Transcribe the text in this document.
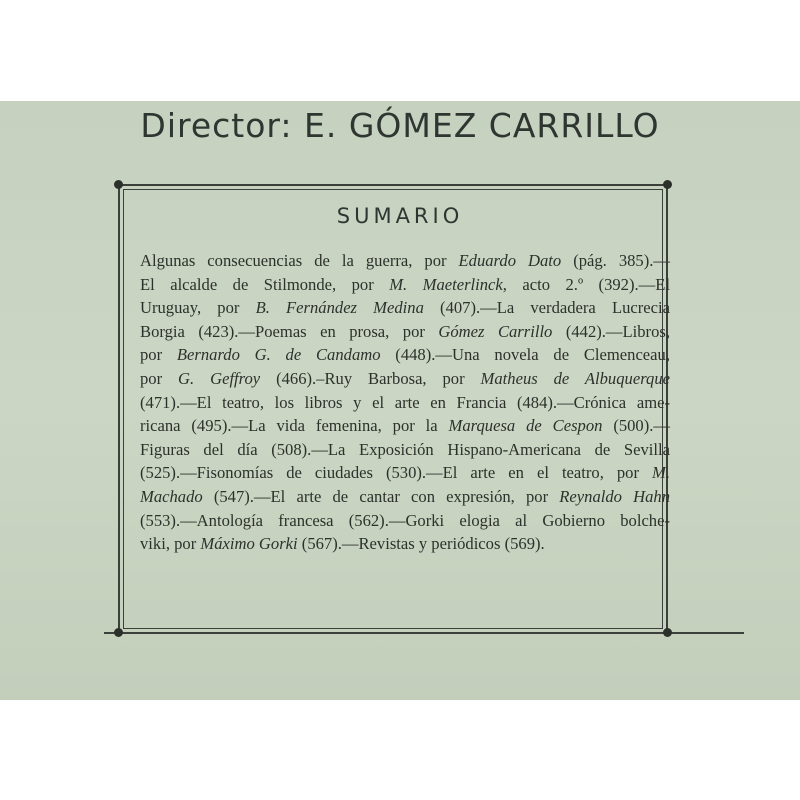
Director: E. GÓMEZ CARRILLO
SUMARIO
Algunas consecuencias de la guerra, por Eduardo Dato (pág. 385).—
El alcalde de Stilmonde, por M. Maeterlinck, acto 2.º (392).—El
Uruguay, por B. Fernández Medina (407).—La verdadera Lucrecia
Borgia (423).—Poemas en prosa, por Gómez Carrillo (442).—Libros,
por Bernardo G. de Candamo (448).—Una novela de Clemenceau,
por G. Geffroy (466).–Ruy Barbosa, por Matheus de Albuquerque
(471).—El teatro, los libros y el arte en Francia (484).—Crónica ame-
ricana (495).—La vida femenina, por la Marquesa de Cespon (500).—
Figuras del día (508).—La Exposición Hispano-Americana de Sevilla
(525).—Fisonomías de ciudades (530).—El arte en el teatro, por M.
Machado (547).—El arte de cantar con expresión, por Reynaldo Hahn
(553).—Antología francesa (562).—Gorki elogia al Gobierno bolche-
viki, por Máximo Gorki (567).—Revistas y periódicos (569).
